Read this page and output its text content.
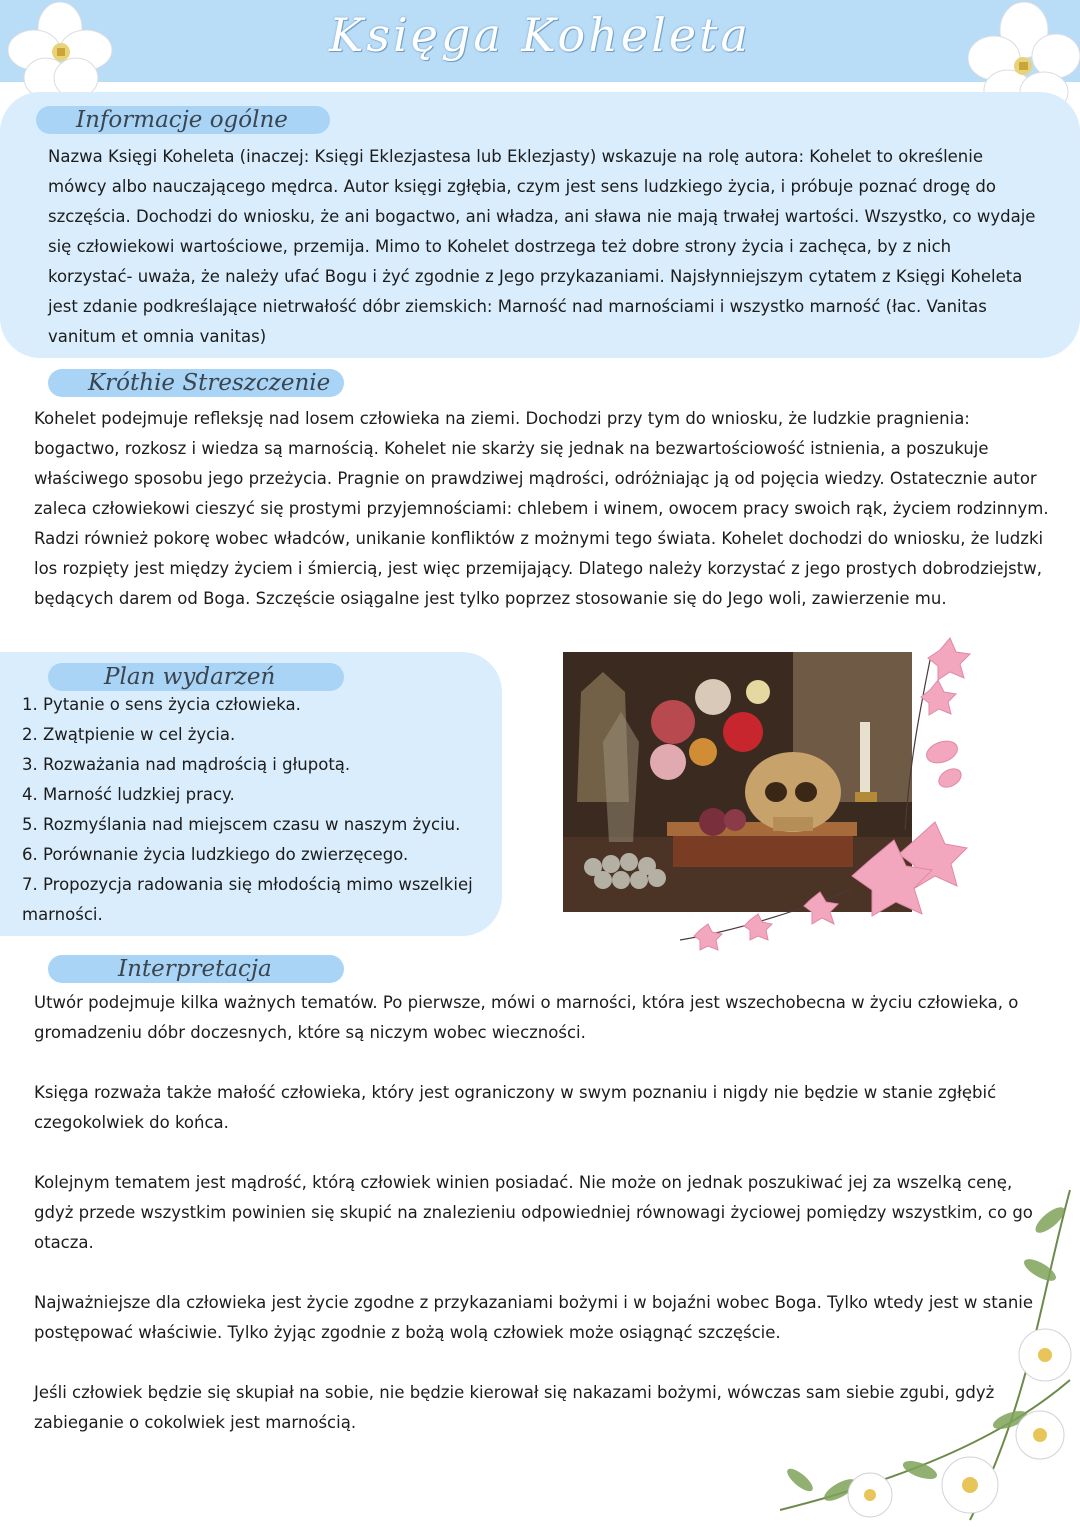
Księga Koheleta
Informacje ogólne
Nazwa Księgi Koheleta (inaczej: Księgi Eklezjastesa lub Eklezjasty) wskazuje na rolę autora: Kohelet to określenie mówcy albo nauczającego mędrca. Autor księgi zgłębia, czym jest sens ludzkiego życia, i próbuje poznać drogę do szczęścia. Dochodzi do wniosku, że ani bogactwo, ani władza, ani sława nie mają trwałej wartości. Wszystko, co wydaje się człowiekowi wartościowe, przemija. Mimo to Kohelet dostrzega też dobre strony życia i zachęca, by z nich korzystać- uważa, że należy ufać Bogu i żyć zgodnie z Jego przykazaniami. Najsłynniejszym cytatem z Księgi Koheleta jest zdanie podkreślające nietrwałość dóbr ziemskich: Marność nad marnościami i wszystko marność (łac. Vanitas vanitum et omnia vanitas)
Króthie Streszczenie
Kohelet podejmuje refleksję nad losem człowieka na ziemi. Dochodzi przy tym do wniosku, że ludzkie pragnienia: bogactwo, rozkosz i wiedza są marnością. Kohelet nie skarży się jednak na bezwartościowość istnienia, a poszukuje właściwego sposobu jego przeżycia. Pragnie on prawdziwej mądrości, odróżniając ją od pojęcia wiedzy. Ostatecznie autor zaleca człowiekowi cieszyć się prostymi przyjemnościami: chlebem i winem, owocem pracy swoich rąk, życiem rodzinnym. Radzi również pokorę wobec władców, unikanie konfliktów z możnymi tego świata. Kohelet dochodzi do wniosku, że ludzki los rozpięty jest między życiem i śmiercią, jest więc przemijający. Dlatego należy korzystać z jego prostych dobrodziejstw, będących darem od Boga. Szczęście osiągalne jest tylko poprzez stosowanie się do Jego woli, zawierzenie mu.
Plan wydarzeń
1. Pytanie o sens życia człowieka.
2. Zwątpienie w cel życia.
3. Rozważania nad mądrością i głupotą.
4. Marność ludzkiej pracy.
5. Rozmyślania nad miejscem czasu w naszym życiu.
6. Porównanie życia ludzkiego do zwierzęcego.
7. Propozycja radowania się młodością mimo wszelkiej marności.
Interpretacja

Utwór podejmuje kilka ważnych tematów. Po pierwsze, mówi o marności, która jest wszechobecna w życiu człowieka, o gromadzeniu dóbr doczesnych, które są niczym wobec wieczności.

Księga rozważa także małość człowieka, który jest ograniczony w swym poznaniu i nigdy nie będzie w stanie zgłębić czegokolwiek do końca.

Kolejnym tematem jest mądrość, którą człowiek winien posiadać. Nie może on jednak poszukiwać jej za wszelką cenę, gdyż przede wszystkim powinien się skupić na znalezieniu odpowiedniej równowagi życiowej pomiędzy wszystkim, co go otacza.

Najważniejsze dla człowieka jest życie zgodne z przykazaniami bożymi i w bojaźni wobec Boga. Tylko wtedy jest w stanie postępować właściwie. Tylko żyjąc zgodnie z bożą wolą człowiek może osiągnąć szczęście.

Jeśli człowiek będzie się skupiał na sobie, nie będzie kierował się nakazami bożymi, wówczas sam siebie zgubi, gdyż zabieganie o cokolwiek jest marnością.
